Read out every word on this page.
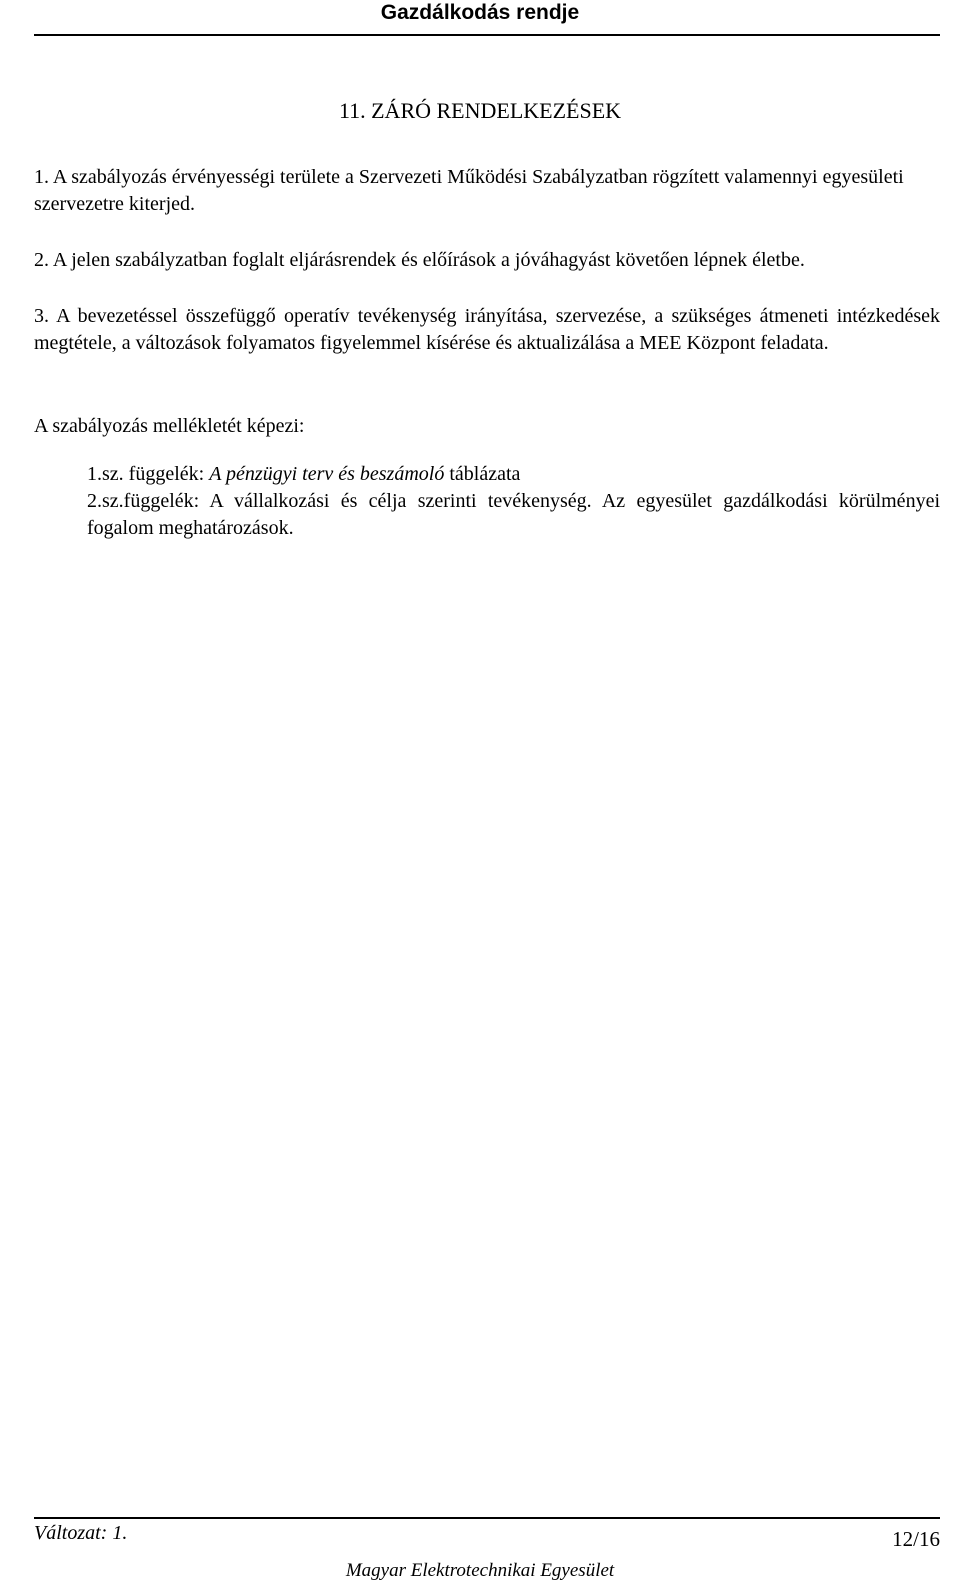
Gazdálkodás rendje
11. ZÁRÓ RENDELKEZÉSEK

1. A szabályozás érvényességi területe a Szervezeti Működési Szabályzatban rögzített valamennyi egyesületi szervezetre kiterjed.

2. A jelen szabályzatban foglalt eljárásrendek és előírások a jóváhagyást követően lépnek életbe.

3. A bevezetéssel összefüggő operatív tevékenység irányítása, szervezése, a szükséges átmeneti intézkedések megtétele, a változások folyamatos figyelemmel kísérése és aktualizálása a MEE Központ feladata.

A szabályozás mellékletét képezi:

1.sz. függelék: A pénzügyi terv és beszámoló táblázata

2.sz.függelék: A vállalkozási és célja szerinti tevékenység. Az egyesület gazdálkodási körülményei fogalom meghatározások.

Változat: 1.	12/16
Magyar Elektrotechnikai Egyesület
